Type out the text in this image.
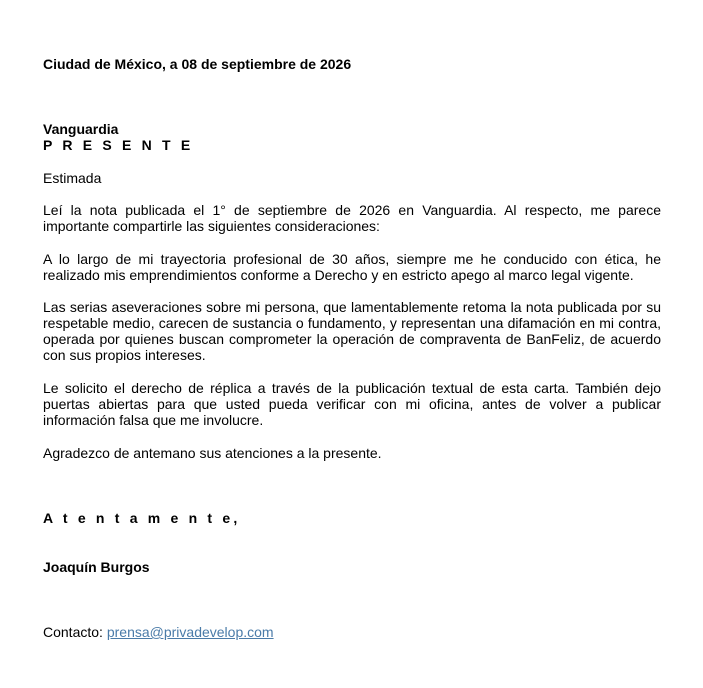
Ciudad de México, a 08 de septiembre de 2026
Vanguardia
P R E S E N T E
Estimada
Leí la nota publicada el 1° de septiembre de 2026 en Vanguardia. Al respecto, me parece importante compartirle las siguientes consideraciones:
A lo largo de mi trayectoria profesional de 30 años, siempre me he conducido con ética, he realizado mis emprendimientos conforme a Derecho y en estricto apego al marco legal vigente.
Las serias aseveraciones sobre mi persona, que lamentablemente retoma la nota publicada por su respetable medio, carecen de sustancia o fundamento, y representan una difamación en mi contra, operada por quienes buscan comprometer la operación de compraventa de BanFeliz, de acuerdo con sus propios intereses.
Le solicito el derecho de réplica a través de la publicación textual de esta carta. También dejo puertas abiertas para que usted pueda verificar con mi oficina, antes de volver a publicar información falsa que me involucre.
Agradezco de antemano sus atenciones a la presente.
A t e n t a m e n t e,
Joaquín Burgos
Contacto: prensa@privadevelop.com
